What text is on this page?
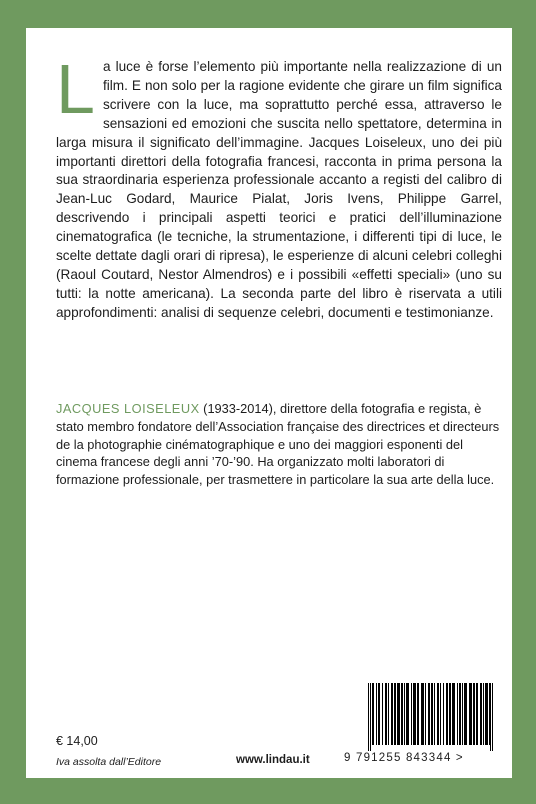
La luce è forse l’elemento più importante nella realizzazione di un film. E non solo per la ragione evidente che girare un film significa scrivere con la luce, ma soprattutto perché essa, attraverso le sensazioni ed emozioni che suscita nello spettatore, determina in larga misura il significato dell’immagine. Jacques Loiseleux, uno dei più importanti direttori della fotografia francesi, racconta in prima persona la sua straordinaria esperienza professionale accanto a registi del calibro di Jean-Luc Godard, Maurice Pialat, Joris Ivens, Philippe Garrel, descrivendo i principali aspetti teorici e pratici dell’illuminazione cinematografica (le tecniche, la strumentazione, i differenti tipi di luce, le scelte dettate dagli orari di ripresa), le esperienze di alcuni celebri colleghi (Raoul Coutard, Nestor Almendros) e i possibili «effetti speciali» (uno su tutti: la notte americana). La seconda parte del libro è riservata a utili approfondimenti: analisi di sequenze celebri, documenti e testimonianze.
JACQUES LOISELEUX (1933-2014), direttore della fotografia e regista, è stato membro fondatore dell’Association française des directrices et directeurs de la photographie cinématographique e uno dei maggiori esponenti del cinema francese degli anni ’70-’90. Ha organizzato molti laboratori di formazione professionale, per trasmettere in particolare la sua arte della luce.
€ 14,00
Iva assolta dall’Editore	www.lindau.it	9 791255 843344 >
